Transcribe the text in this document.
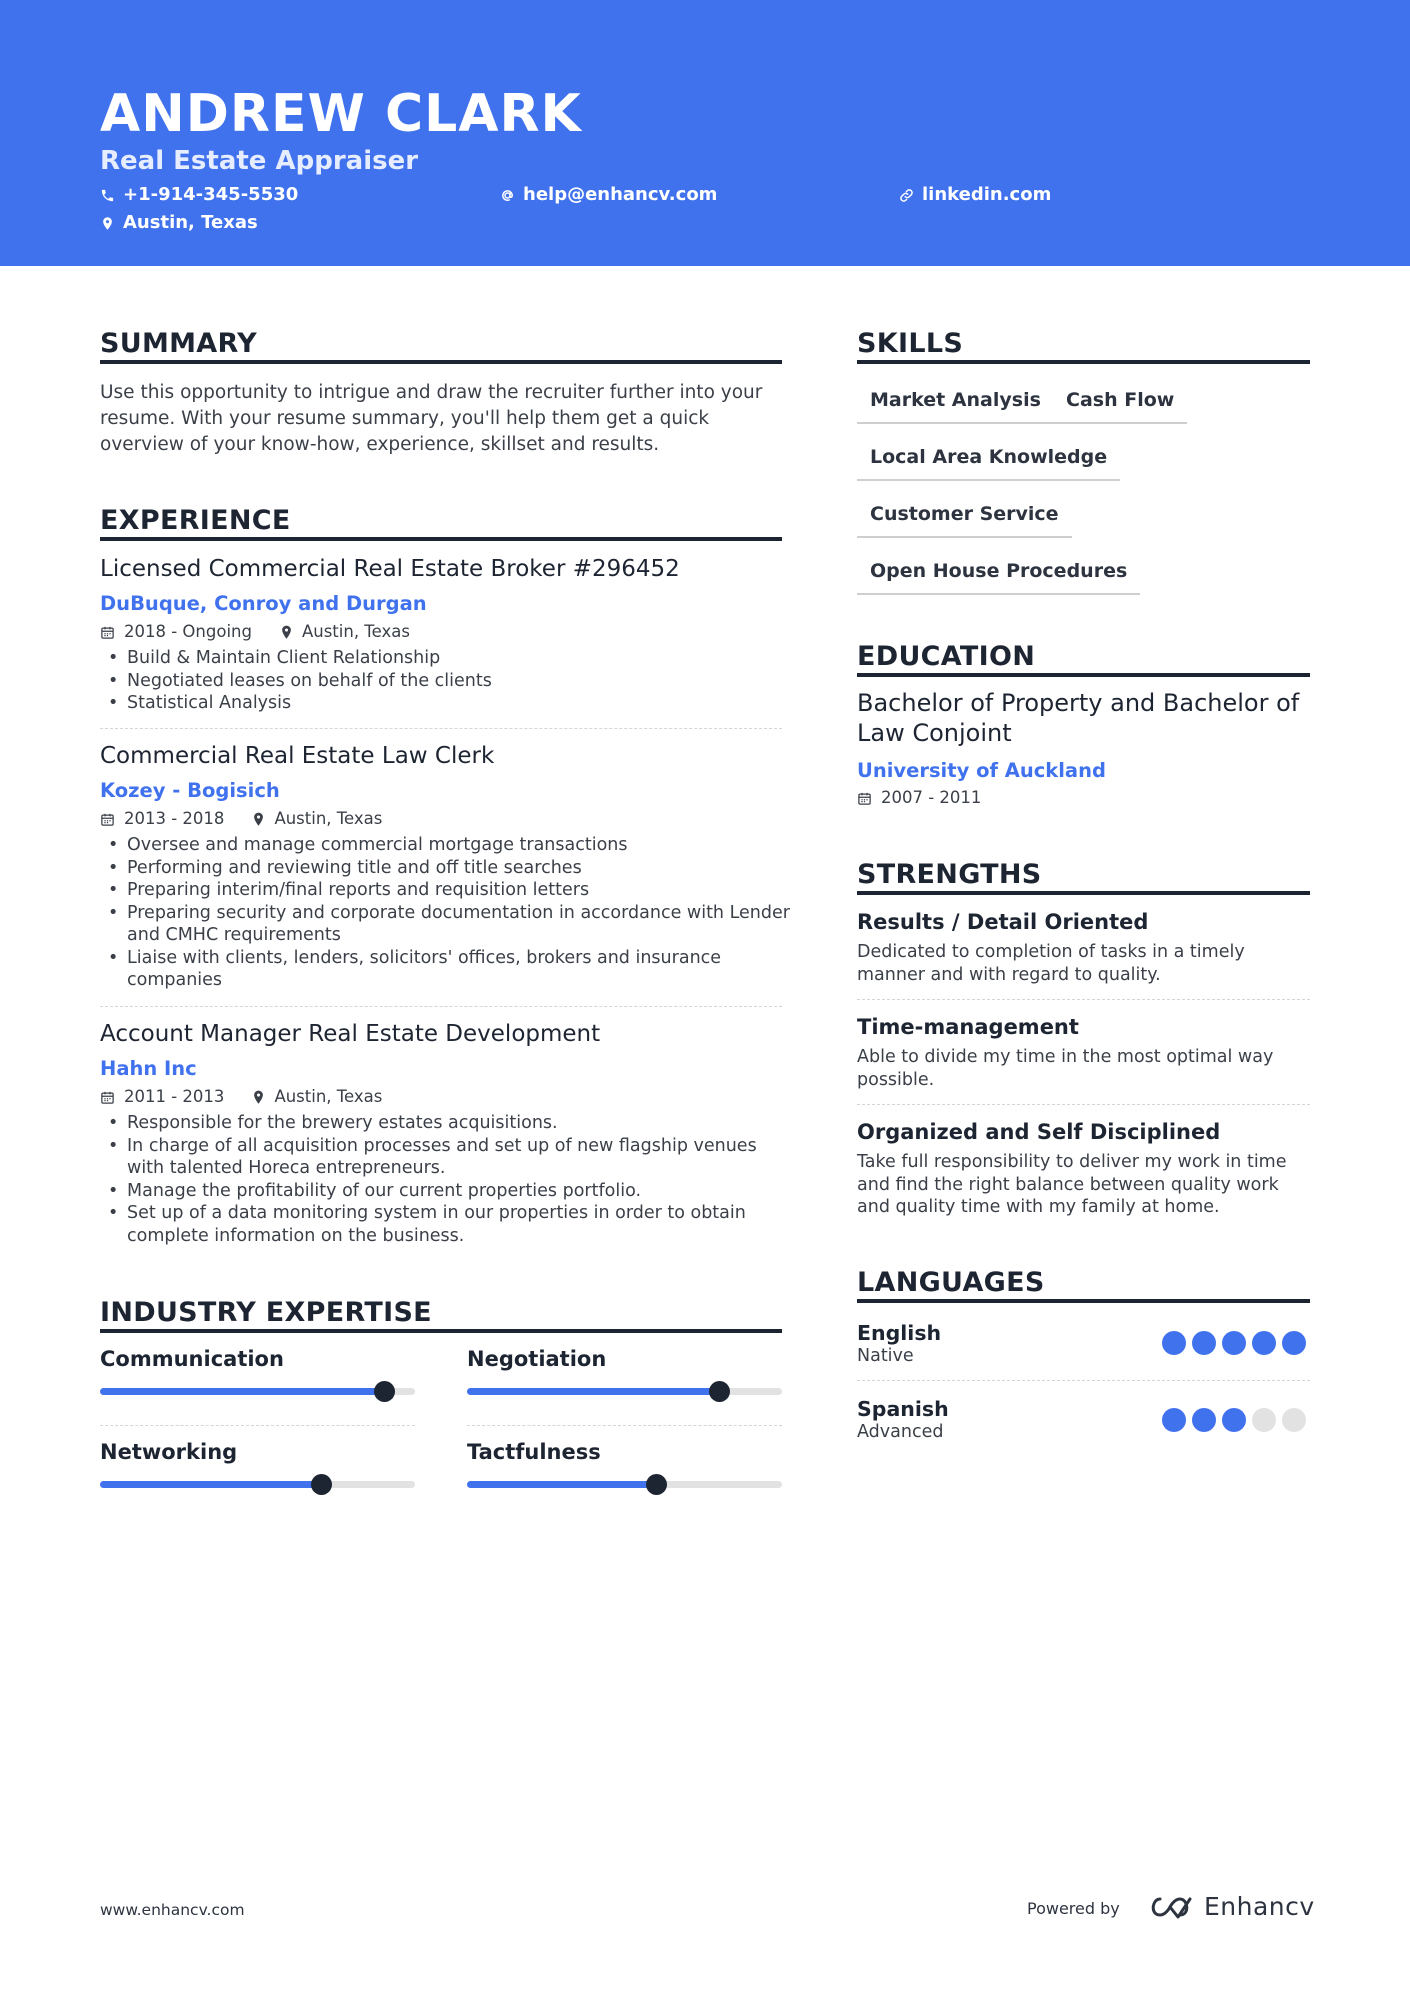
ANDREW CLARK
Real Estate Appraiser
+1-914-345-5530	help@enhancv.com	linkedin.com
Austin, Texas
SUMMARY
Use this opportunity to intrigue and draw the recruiter further into your resume. With your resume summary, you'll help them get a quick overview of your know-how, experience, skillset and results.
EXPERIENCE
Licensed Commercial Real Estate Broker #296452
DuBuque, Conroy and Durgan
2018 - Ongoing	Austin, Texas
• Build & Maintain Client Relationship
• Negotiated leases on behalf of the clients
• Statistical Analysis
Commercial Real Estate Law Clerk
Kozey - Bogisich
2013 - 2018	Austin, Texas
• Oversee and manage commercial mortgage transactions
• Performing and reviewing title and off title searches
• Preparing interim/final reports and requisition letters
• Preparing security and corporate documentation in accordance with Lender and CMHC requirements
• Liaise with clients, lenders, solicitors' offices, brokers and insurance companies
Account Manager Real Estate Development
Hahn Inc
2011 - 2013	Austin, Texas
• Responsible for the brewery estates acquisitions.
• In charge of all acquisition processes and set up of new flagship venues with talented Horeca entrepreneurs.
• Manage the profitability of our current properties portfolio.
• Set up of a data monitoring system in our properties in order to obtain complete information on the business.
INDUSTRY EXPERTISE
Communication	Negotiation
Networking	Tactfulness
SKILLS
Market Analysis	Cash Flow
Local Area Knowledge
Customer Service
Open House Procedures
EDUCATION
Bachelor of Property and Bachelor of Law Conjoint
University of Auckland
2007 - 2011
STRENGTHS
Results / Detail Oriented
Dedicated to completion of tasks in a timely manner and with regard to quality.
Time-management
Able to divide my time in the most optimal way possible.
Organized and Self Disciplined
Take full responsibility to deliver my work in time and find the right balance between quality work and quality time with my family at home.
LANGUAGES
English
Native
Spanish
Advanced
www.enhancv.com	Powered by	Enhancv
